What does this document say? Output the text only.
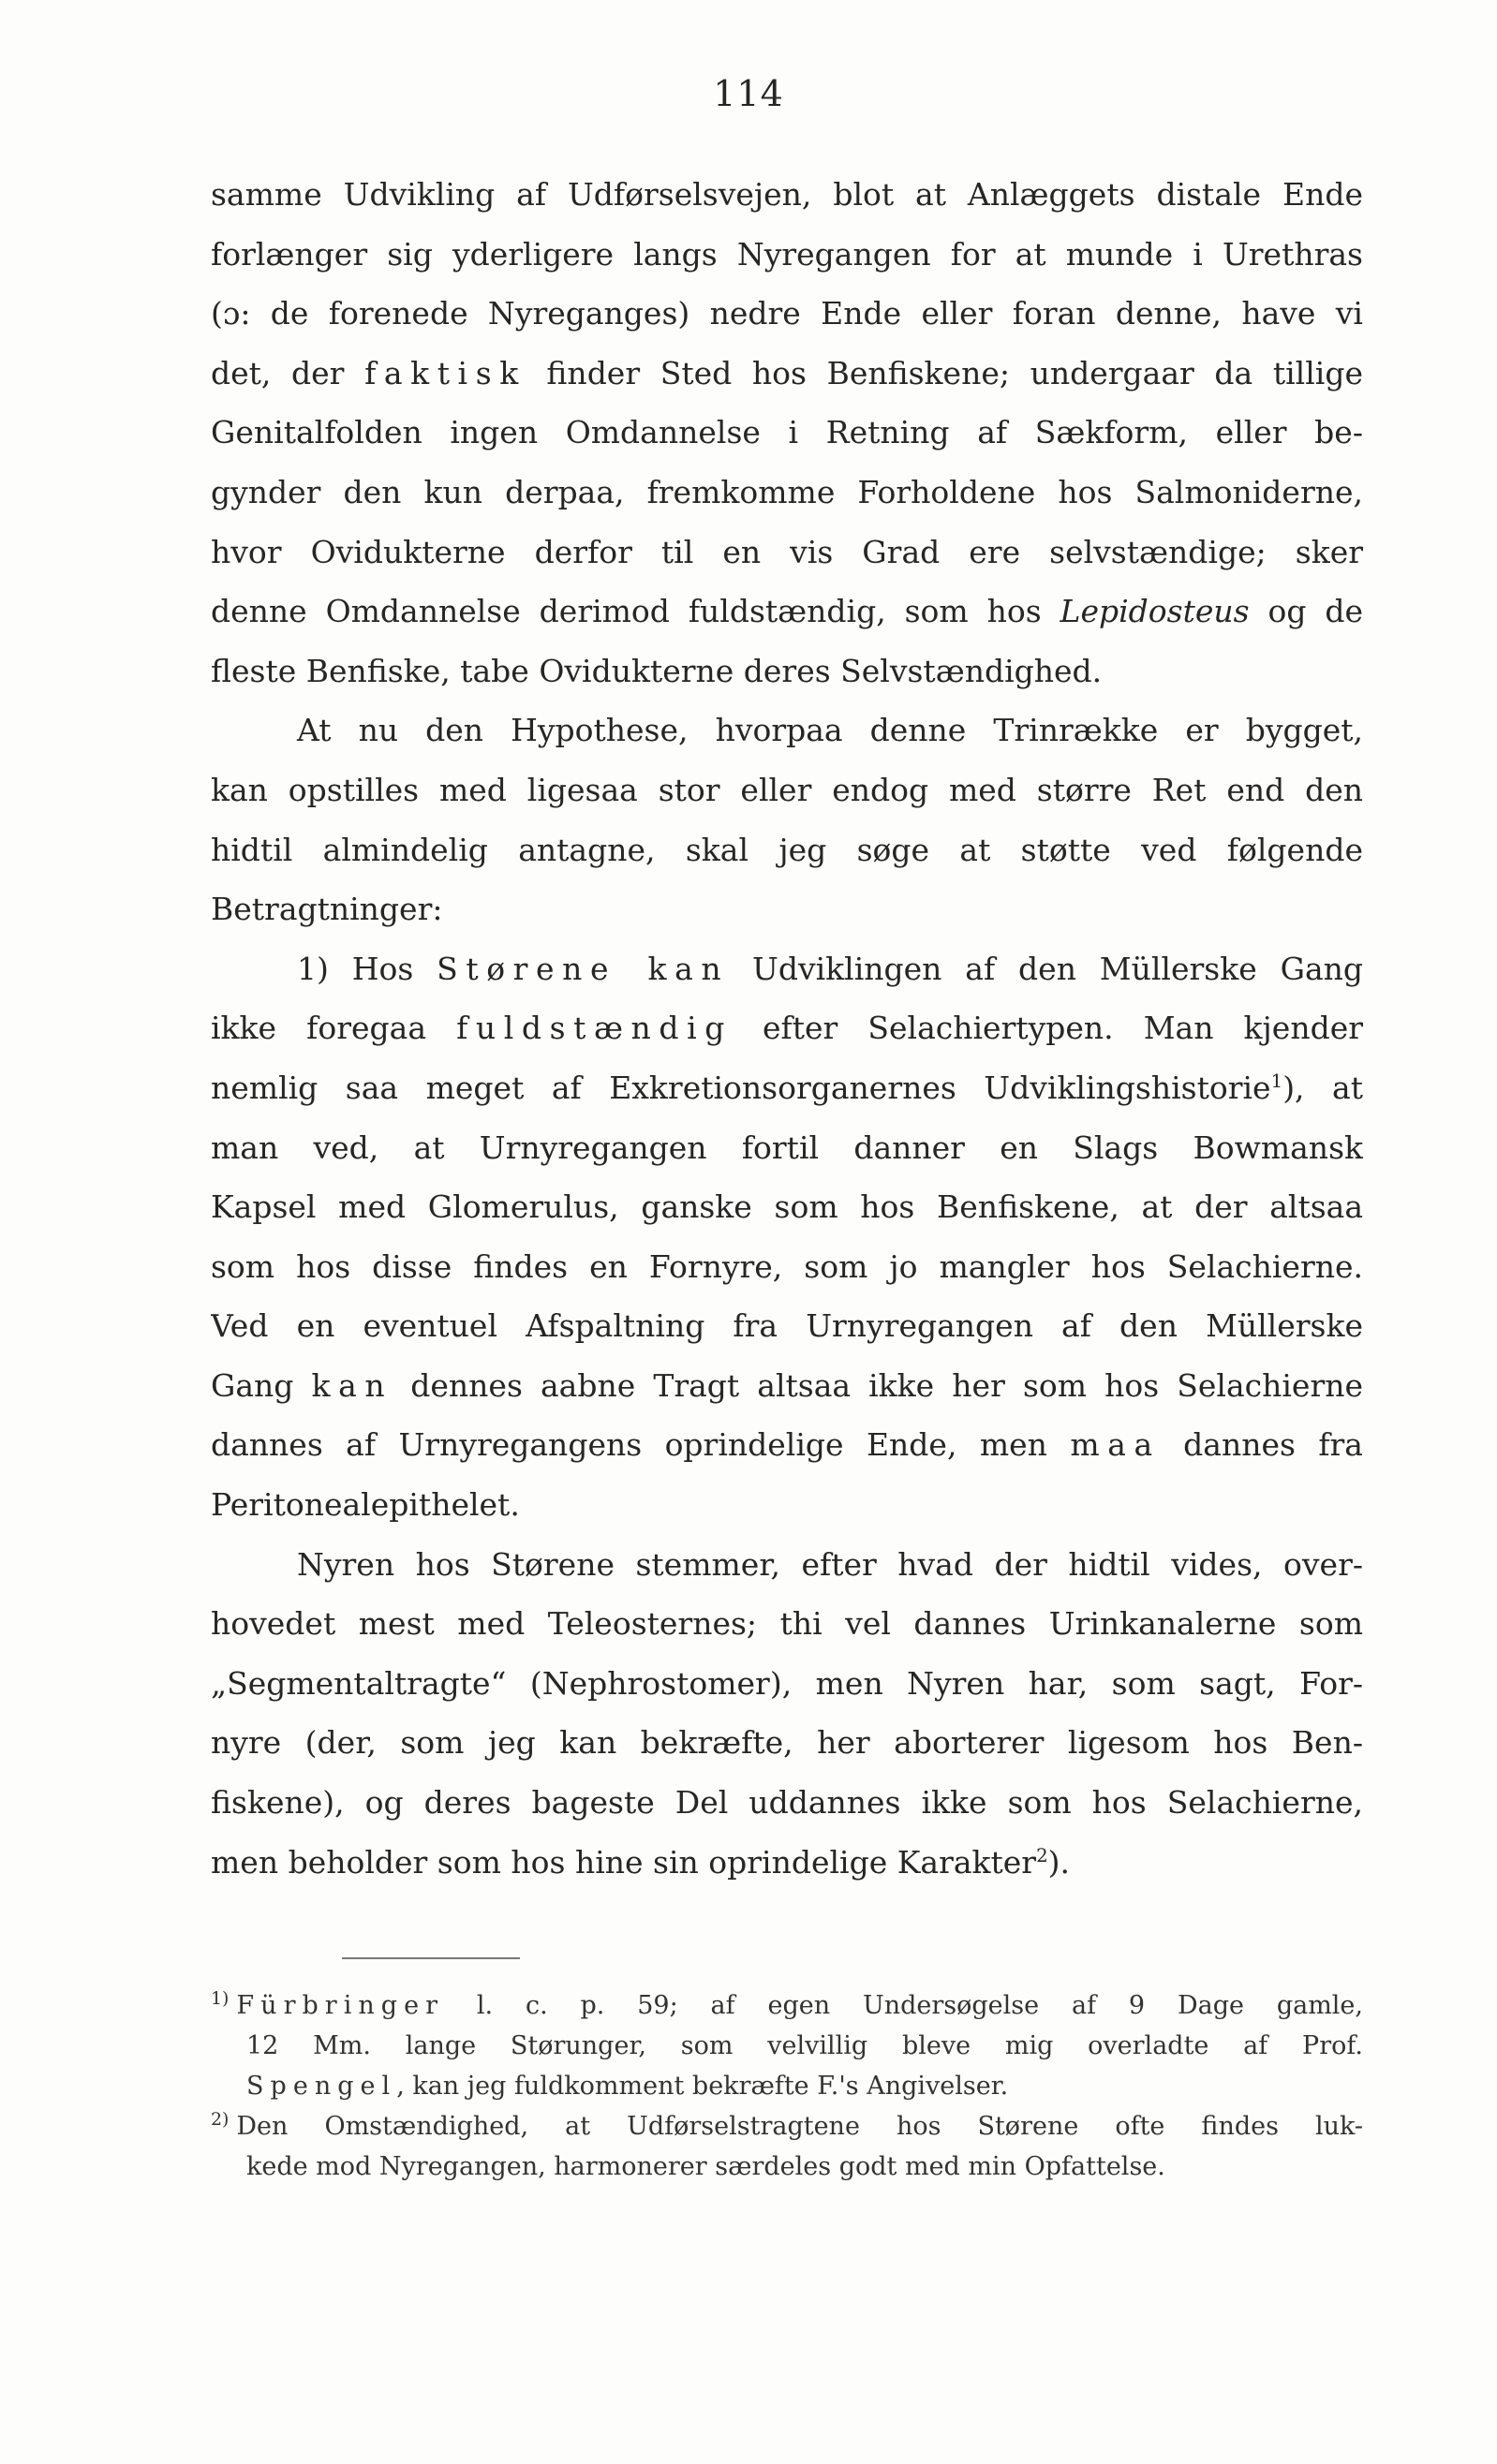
114
samme Udvikling af Udførselsvejen, blot at Anlæggets distale Ende
forlænger sig yderligere langs Nyregangen for at munde i Urethras
(ɔ: de forenede Nyreganges) nedre Ende eller foran denne, have vi
det, der faktisk finder Sted hos Benfiskene; undergaar da tillige
Genitalfolden ingen Omdannelse i Retning af Sækform, eller be-
gynder den kun derpaa, fremkomme Forholdene hos Salmoniderne,
hvor Ovidukterne derfor til en vis Grad ere selvstændige; sker
denne Omdannelse derimod fuldstændig, som hos Lepidosteus og de
fleste Benfiske, tabe Ovidukterne deres Selvstændighed.
At nu den Hypothese, hvorpaa denne Trinrække er bygget,
kan opstilles med ligesaa stor eller endog med større Ret end den
hidtil almindelig antagne, skal jeg søge at støtte ved følgende
Betragtninger:
1) Hos Størene kan Udviklingen af den Müllerske Gang
ikke foregaa fuldstændig efter Selachiertypen. Man kjender
nemlig saa meget af Exkretionsorganernes Udviklingshistorie$^1$), at
man ved, at Urnyregangen fortil danner en Slags Bowmansk
Kapsel med Glomerulus, ganske som hos Benfiskene, at der altsaa
som hos disse findes en Fornyre, som jo mangler hos Selachierne.
Ved en eventuel Afspaltning fra Urnyregangen af den Müllerske
Gang kan dennes aabne Tragt altsaa ikke her som hos Selachierne
dannes af Urnyregangens oprindelige Ende, men maa dannes fra
Peritonealepithelet.
Nyren hos Størene stemmer, efter hvad der hidtil vides, over-
hovedet mest med Teleosternes; thi vel dannes Urinkanalerne som
„Segmentaltragte“ (Nephrostomer), men Nyren har, som sagt, For-
nyre (der, som jeg kan bekræfte, her aborterer ligesom hos Ben-
fiskene), og deres bageste Del uddannes ikke som hos Selachierne,
men beholder som hos hine sin oprindelige Karakter$^2$).
$^{1)}$ Fürbringer l. c. p. 59; af egen Undersøgelse af 9 Dage gamle,
12 Mm. lange Størunger, som velvillig bleve mig overladte af Prof.
Spengel, kan jeg fuldkomment bekræfte F.'s Angivelser.
$^{2)}$ Den Omstændighed, at Udførselstragtene hos Størene ofte findes luk-
kede mod Nyregangen, harmonerer særdeles godt med min Opfattelse.
